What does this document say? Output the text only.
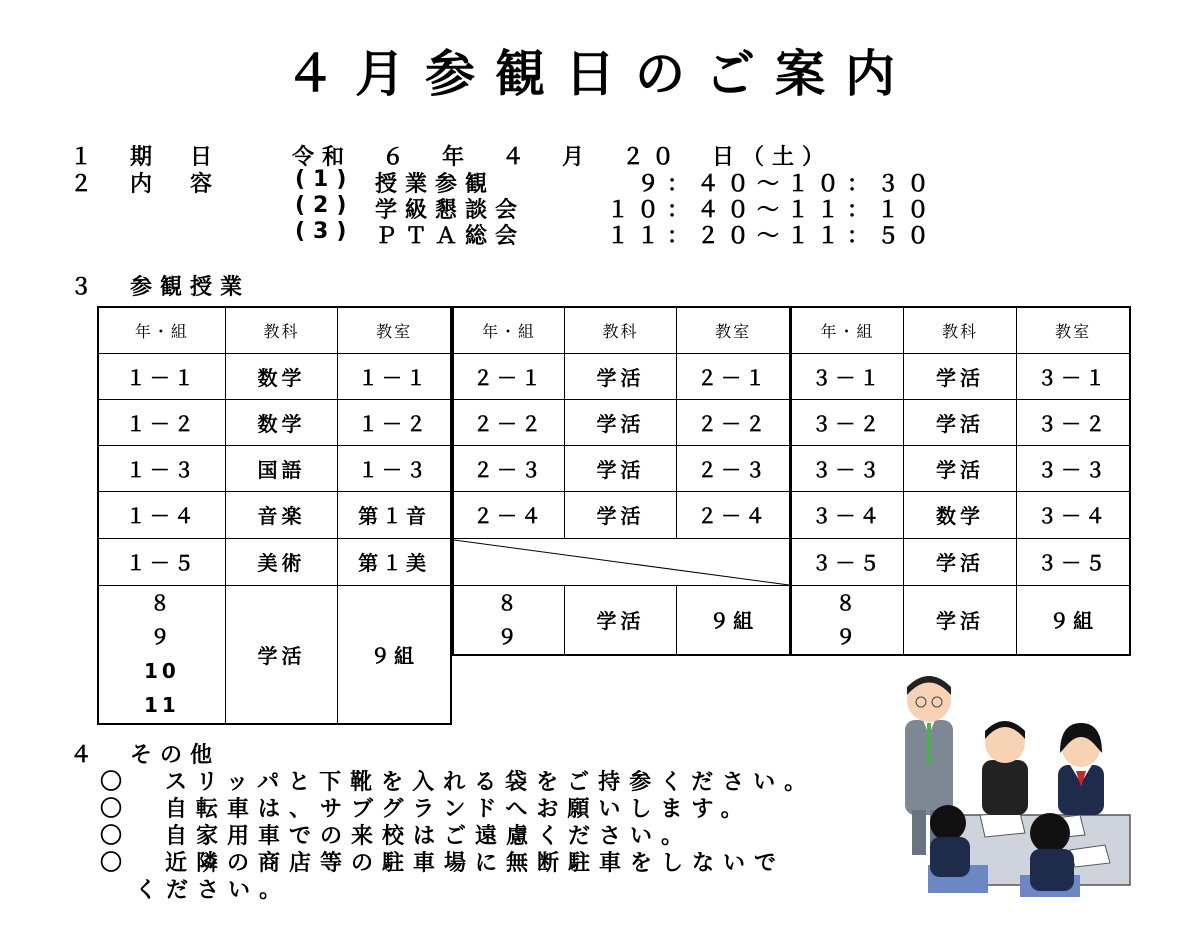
４月参観日のご案内
１　期　日	令和　６　年　４　月　２０　日（土）
２　内　容	(1) 授業参観	　９：４０～１０：３０
(2) 学級懇談会	１０：４０～１１：１０
(3) ＰＴＡ総会	１１：２０～１１：５０
３　参観授業
年・組	教科	教室
１－１	数学	１－１
１－２	数学	１－２
１－３	国語	１－３
１－４	音楽	第１音
１－５	美術	第１美

８
９
10
11	学活	９組
年・組	教科	教室
２－１	学活	２－１
２－２	学活	２－２
２－３	学活	２－３
２－４	学活	２－４

８
９	学活	９組
年・組	教科	教室
３－１	学活	３－１
３－２	学活	３－２
３－３	学活	３－３
３－４	数学	３－４
３－５	学活	３－５

８
９	学活	９組
４　その他
〇 スリッパと下靴を入れる袋をご持参ください。
〇 自転車は、サブグランドへお願いします。
〇 自家用車での来校はご遠慮ください。
〇 近隣の商店等の駐車場に無断駐車をしないで
ください。
